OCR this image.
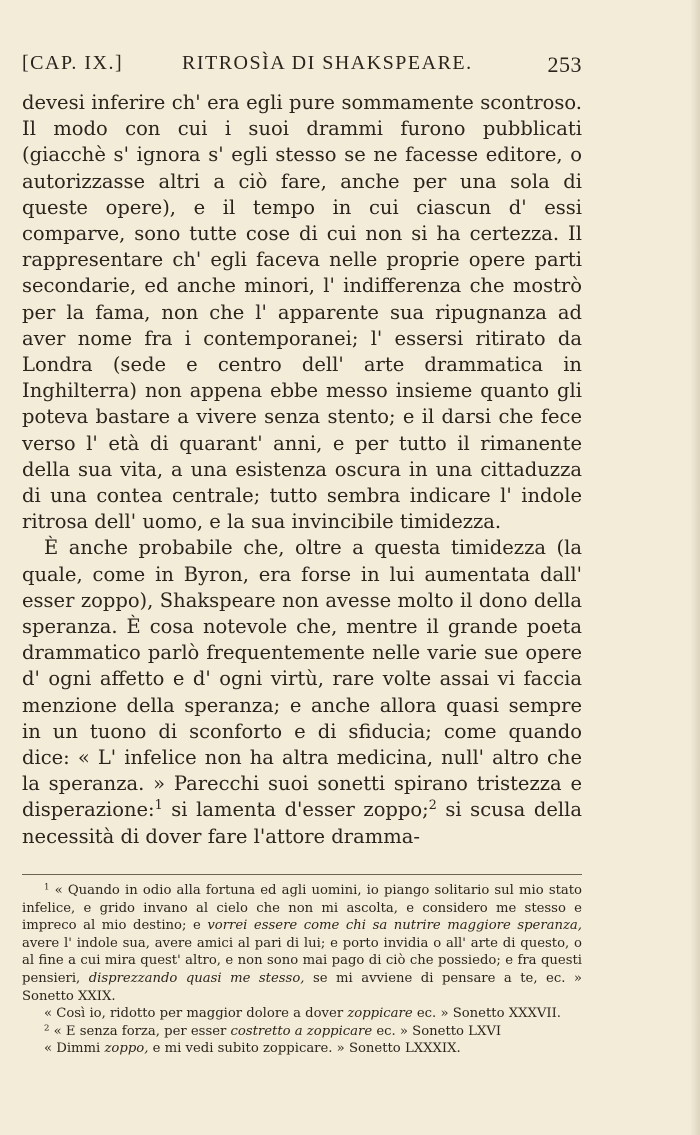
[CAP. IX.]	RITROSÌA DI SHAKSPEARE.	253

devesi inferire ch' era egli pure sommamente scontroso. Il modo con cui i suoi drammi furono pubblicati (giacchè s' ignora s' egli stesso se ne facesse editore, o autorizzasse altri a ciò fare, anche per una sola di queste opere), e il tempo in cui ciascun d' essi comparve, sono tutte cose di cui non si ha certezza. Il rappresentare ch' egli faceva nelle proprie opere parti secondarie, ed anche minori, l' indifferenza che mostrò per la fama, non che l' apparente sua ripugnanza ad aver nome fra i contemporanei; l' essersi ritirato da Londra (sede e centro dell' arte drammatica in Inghilterra) non appena ebbe messo insieme quanto gli poteva bastare a vivere senza stento; e il darsi che fece verso l' età di quarant' anni, e per tutto il rimanente della sua vita, a una esistenza oscura in una cittaduzza di una contea centrale; tutto sembra indicare l' indole ritrosa dell' uomo, e la sua invincibile timidezza.

È anche probabile che, oltre a questa timidezza (la quale, come in Byron, era forse in lui aumentata dall' esser zoppo), Shakspeare non avesse molto il dono della speranza. È cosa notevole che, mentre il grande poeta drammatico parlò frequentemente nelle varie sue opere d' ogni affetto e d' ogni virtù, rare volte assai vi faccia menzione della speranza; e anche allora quasi sempre in un tuono di sconforto e di sfiducia; come quando dice: « L' infelice non ha altra medicina, null' altro che la speranza. » Parecchi suoi sonetti spirano tristezza e disperazione:$^1$ si lamenta d'esser zoppo;$^2$ si scusa della necessità di dover fare l'attore dramma-

$^1$ « Quando in odio alla fortuna ed agli uomini, io piango solitario sul mio stato infelice, e grido invano al cielo che non mi ascolta, e considero me stesso e impreco al mio destino; e vorrei essere come chi sa nutrire maggiore speranza, avere l' indole sua, avere amici al pari di lui; e porto invidia o all' arte di questo, o al fine a cui mira quest' altro, e non sono mai pago di ciò che possiedo; e fra questi pensieri, disprezzando quasi me stesso, se mi avviene di pensare a te, ec. » Sonetto XXIX.

« Così io, ridotto per maggior dolore a dover zoppicare ec. » Sonetto XXXVII.

$^2$ « E senza forza, per esser costretto a zoppicare ec. » Sonetto LXVI

« Dimmi zoppo, e mi vedi subito zoppicare. » Sonetto LXXXIX.
